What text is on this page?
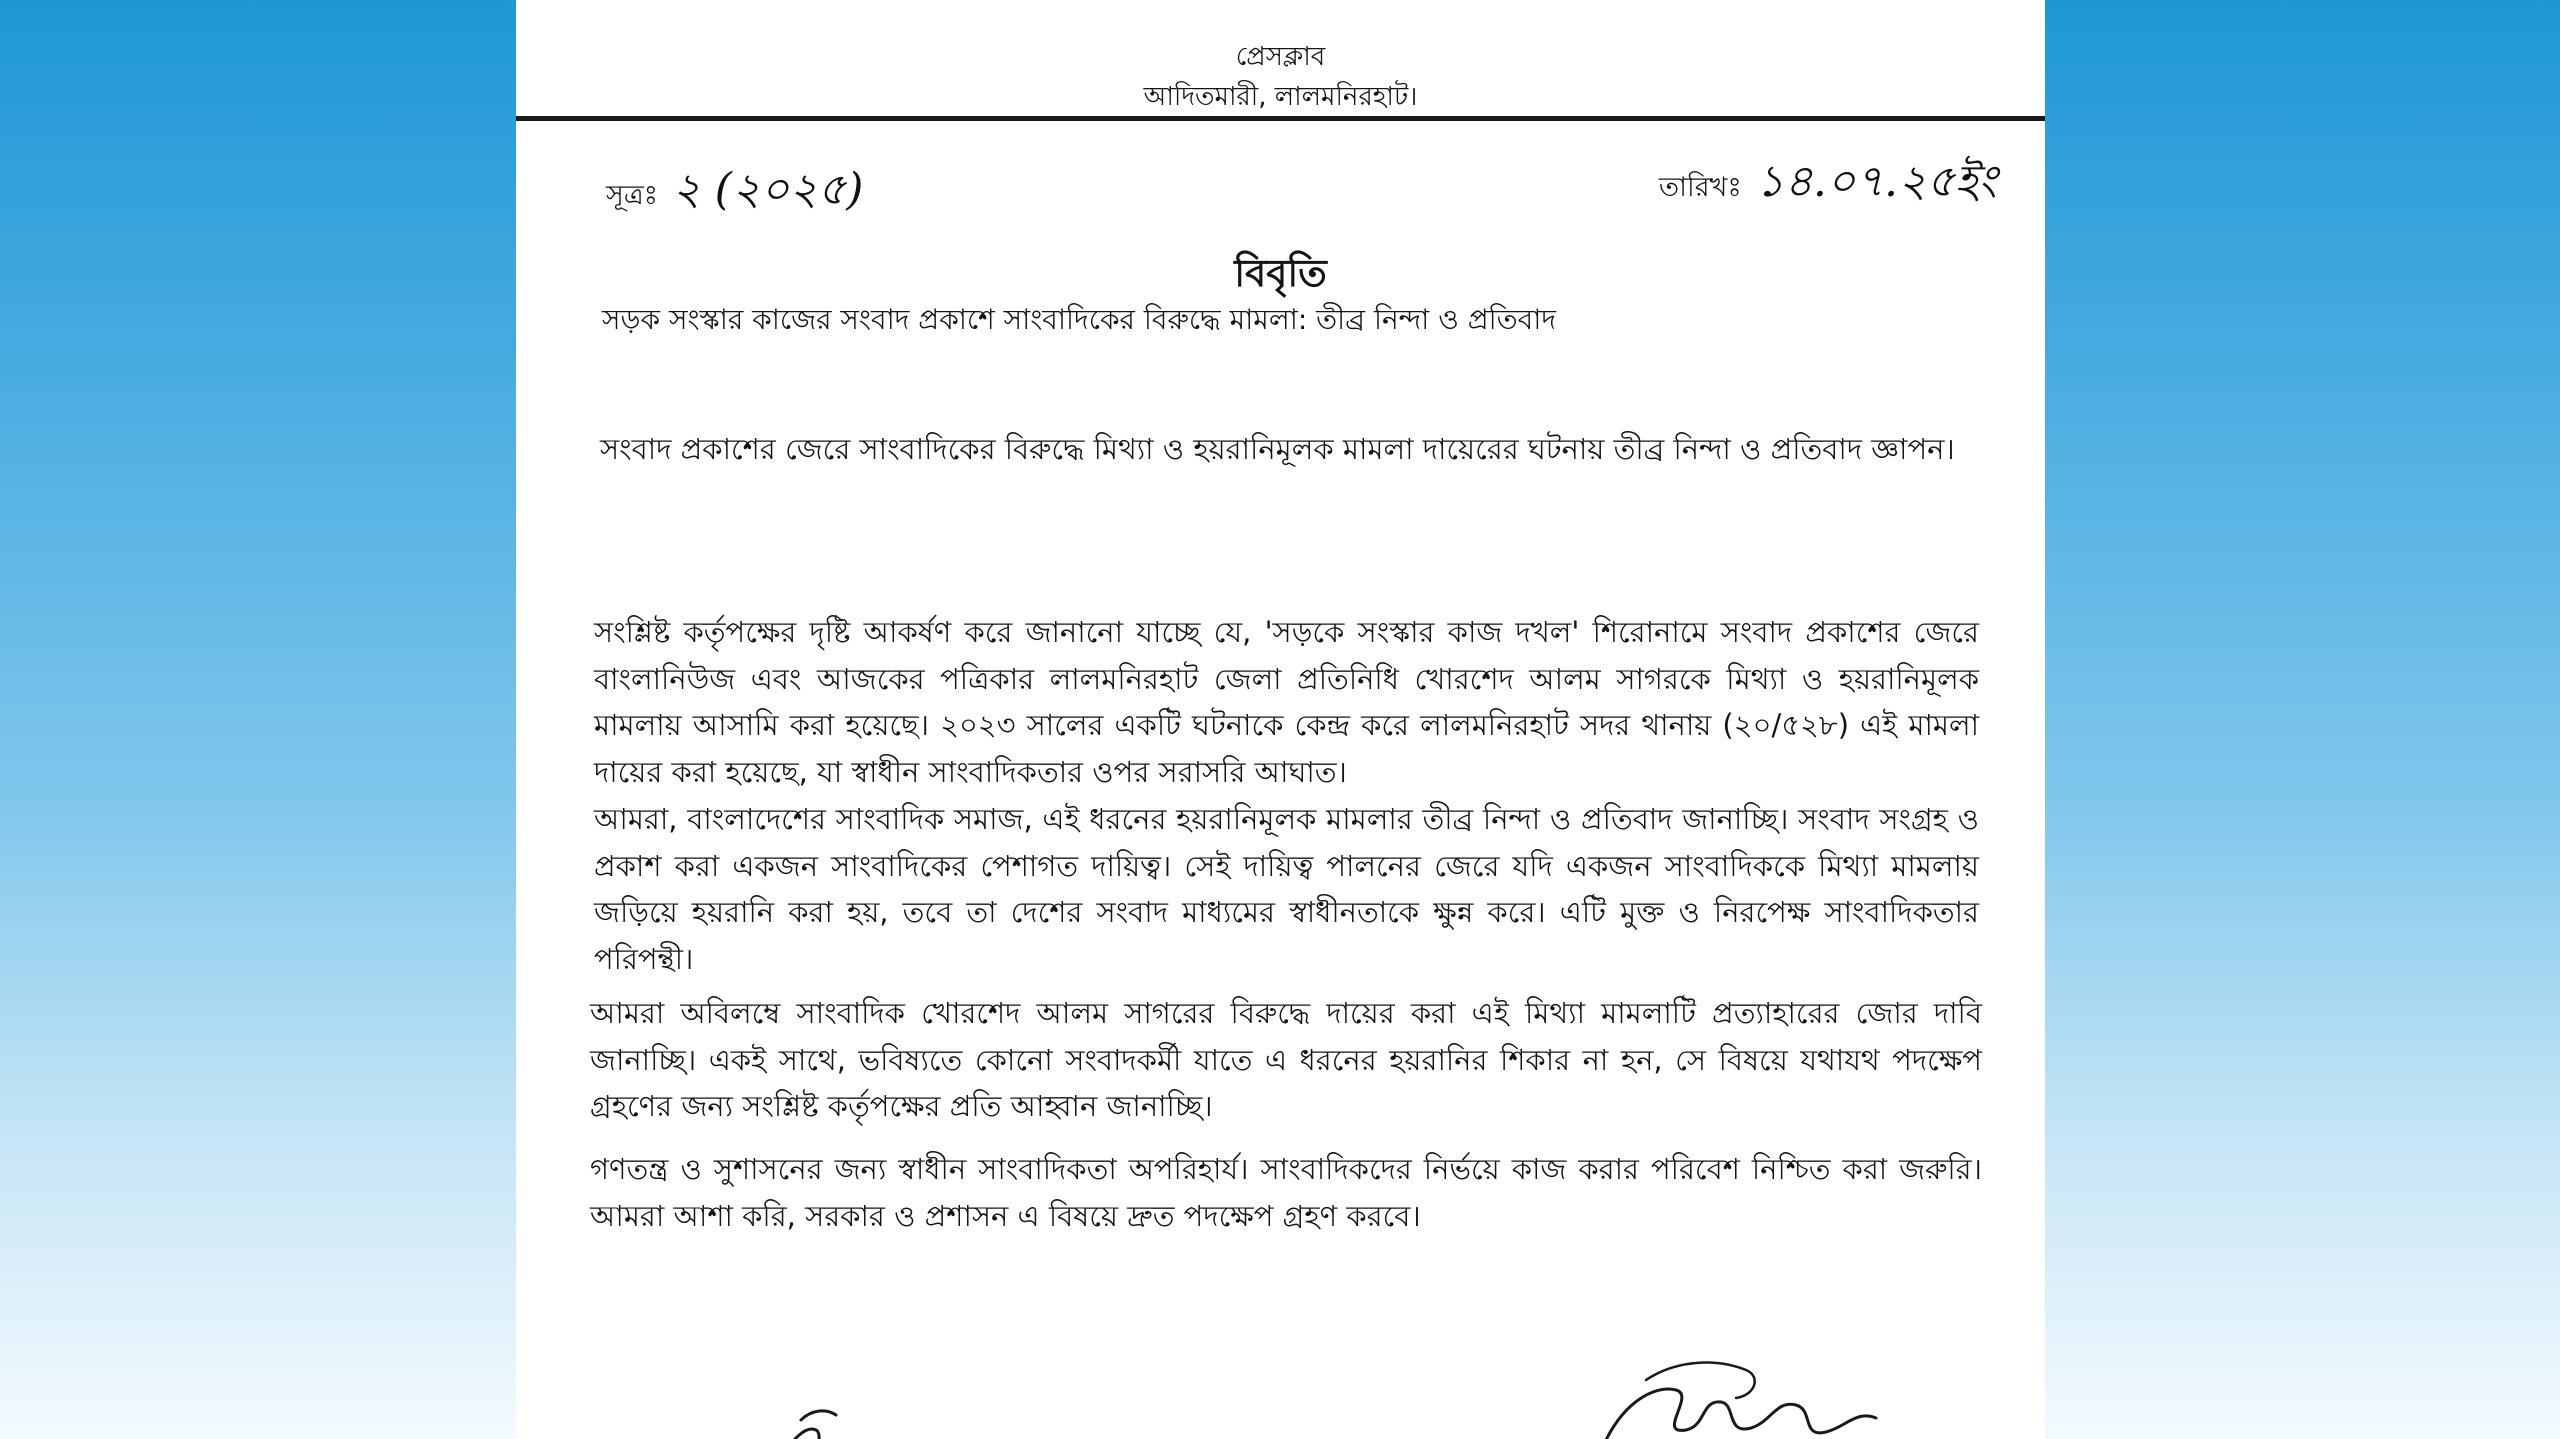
প্রেসক্লাব
আদিতমারী, লালমনিরহাট।
সূত্রঃ ২ (২০২৫)	তারিখঃ ১৪.০৭.২৫ইং
বিবৃতি
সড়ক সংস্কার কাজের সংবাদ প্রকাশে সাংবাদিকের বিরুদ্ধে মামলা: তীব্র নিন্দা ও প্রতিবাদ

সংবাদ প্রকাশের জেরে সাংবাদিকের বিরুদ্ধে মিথ্যা ও হয়রানিমূলক মামলা দায়েরের ঘটনায় তীব্র নিন্দা ও প্রতিবাদ জ্ঞাপন।

সংশ্লিষ্ট কর্তৃপক্ষের দৃষ্টি আকর্ষণ করে জানানো যাচ্ছে যে, 'সড়কে সংস্কার কাজ দখল' শিরোনামে সংবাদ প্রকাশের জেরে বাংলানিউজ এবং আজকের পত্রিকার লালমনিরহাট জেলা প্রতিনিধি খোরশেদ আলম সাগরকে মিথ্যা ও হয়রানিমূলক মামলায় আসামি করা হয়েছে। ২০২৩ সালের একটি ঘটনাকে কেন্দ্র করে লালমনিরহাট সদর থানায় (২০/৫২৮) এই মামলা দায়ের করা হয়েছে, যা স্বাধীন সাংবাদিকতার ওপর সরাসরি আঘাত।

আমরা, বাংলাদেশের সাংবাদিক সমাজ, এই ধরনের হয়রানিমূলক মামলার তীব্র নিন্দা ও প্রতিবাদ জানাচ্ছি। সংবাদ সংগ্রহ ও প্রকাশ করা একজন সাংবাদিকের পেশাগত দায়িত্ব। সেই দায়িত্ব পালনের জেরে যদি একজন সাংবাদিককে মিথ্যা মামলায় জড়িয়ে হয়রানি করা হয়, তবে তা দেশের সংবাদ মাধ্যমের স্বাধীনতাকে ক্ষুন্ন করে। এটি মুক্ত ও নিরপেক্ষ সাংবাদিকতার পরিপন্থী।

আমরা অবিলম্বে সাংবাদিক খোরশেদ আলম সাগরের বিরুদ্ধে দায়ের করা এই মিথ্যা মামলাটি প্রত্যাহারের জোর দাবি জানাচ্ছি। একই সাথে, ভবিষ্যতে কোনো সংবাদকর্মী যাতে এ ধরনের হয়রানির শিকার না হন, সে বিষয়ে যথাযথ পদক্ষেপ গ্রহণের জন্য সংশ্লিষ্ট কর্তৃপক্ষের প্রতি আহ্বান জানাচ্ছি।

গণতন্ত্র ও সুশাসনের জন্য স্বাধীন সাংবাদিকতা অপরিহার্য। সাংবাদিকদের নির্ভয়ে কাজ করার পরিবেশ নিশ্চিত করা জরুরি। আমরা আশা করি, সরকার ও প্রশাসন এ বিষয়ে দ্রুত পদক্ষেপ গ্রহণ করবে।
